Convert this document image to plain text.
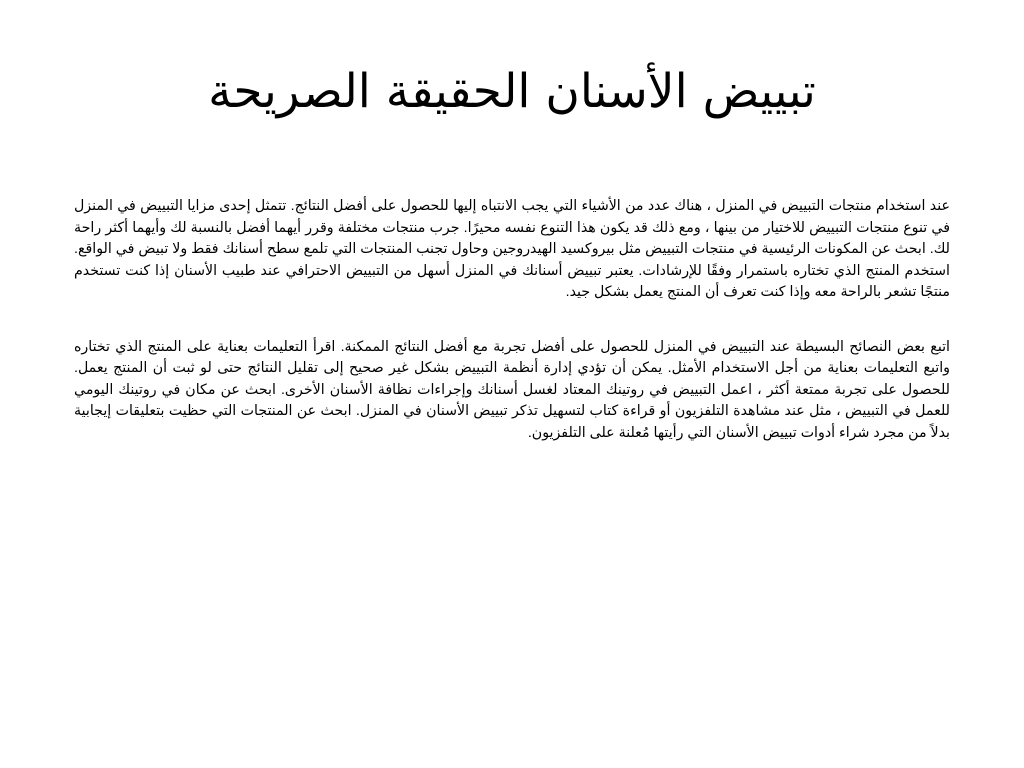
تبييض الأسنان الحقيقة الصريحة

عند استخدام منتجات التبييض في المنزل ، هناك عدد من الأشياء التي يجب الانتباه إليها للحصول على أفضل النتائج. تتمثل إحدى مزايا التبييض في المنزل في تنوع منتجات التبييض للاختيار من بينها ، ومع ذلك قد يكون هذا التنوع نفسه محيرًا. جرب منتجات مختلفة وقرر أيهما أفضل بالنسبة لك وأيهما أكثر راحة لك. ابحث عن المكونات الرئيسية في منتجات التبييض مثل بيروكسيد الهيدروجين وحاول تجنب المنتجات التي تلمع سطح أسنانك فقط ولا تبيض في الواقع. استخدم المنتج الذي تختاره باستمرار وفقًا للإرشادات. يعتبر تبييض أسنانك في المنزل أسهل من التبييض الاحترافي عند طبيب الأسنان إذا كنت تستخدم منتجًا تشعر بالراحة معه وإذا كنت تعرف أن المنتج يعمل بشكل جيد.

اتبع بعض النصائح البسيطة عند التبييض في المنزل للحصول على أفضل تجربة مع أفضل النتائج الممكنة. اقرأ التعليمات بعناية على المنتج الذي تختاره واتبع التعليمات بعناية من أجل الاستخدام الأمثل. يمكن أن تؤدي إدارة أنظمة التبييض بشكل غير صحيح إلى تقليل النتائج حتى لو ثبت أن المنتج يعمل. للحصول على تجربة ممتعة أكثر ، اعمل التبييض في روتينك المعتاد لغسل أسنانك وإجراءات نظافة الأسنان الأخرى. ابحث عن مكان في روتينك اليومي للعمل في التبييض ، مثل عند مشاهدة التلفزيون أو قراءة كتاب لتسهيل تذكر تبييض الأسنان في المنزل. ابحث عن المنتجات التي حظيت بتعليقات إيجابية بدلاً من مجرد شراء أدوات تبييض الأسنان التي رأيتها مُعلنة على التلفزيون.
